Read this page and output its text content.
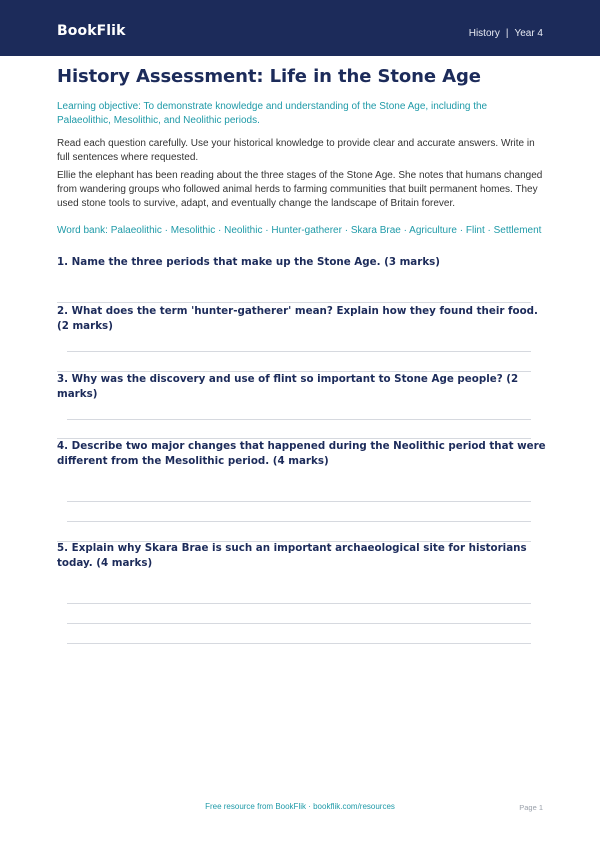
BookFlik	History | Year 4
History Assessment: Life in the Stone Age

Learning objective: To demonstrate knowledge and understanding of the Stone Age, including the Palaeolithic, Mesolithic, and Neolithic periods.

Read each question carefully. Use your historical knowledge to provide clear and accurate answers. Write in full sentences where requested.

Ellie the elephant has been reading about the three stages of the Stone Age. She notes that humans changed from wandering groups who followed animal herds to farming communities that built permanent homes. They used stone tools to survive, adapt, and eventually change the landscape of Britain forever.

Word bank: Palaeolithic · Mesolithic · Neolithic · Hunter-gatherer · Skara Brae · Agriculture · Flint · Settlement

1. Name the three periods that make up the Stone Age. (3 marks)
2. What does the term 'hunter-gatherer' mean? Explain how they found their food. (2 marks)
3. Why was the discovery and use of flint so important to Stone Age people? (2 marks)
4. Describe two major changes that happened during the Neolithic period that were different from the Mesolithic period. (4 marks)
5. Explain why Skara Brae is such an important archaeological site for historians today. (4 marks)
Free resource from BookFlik · bookflik.com/resources	Page 1
